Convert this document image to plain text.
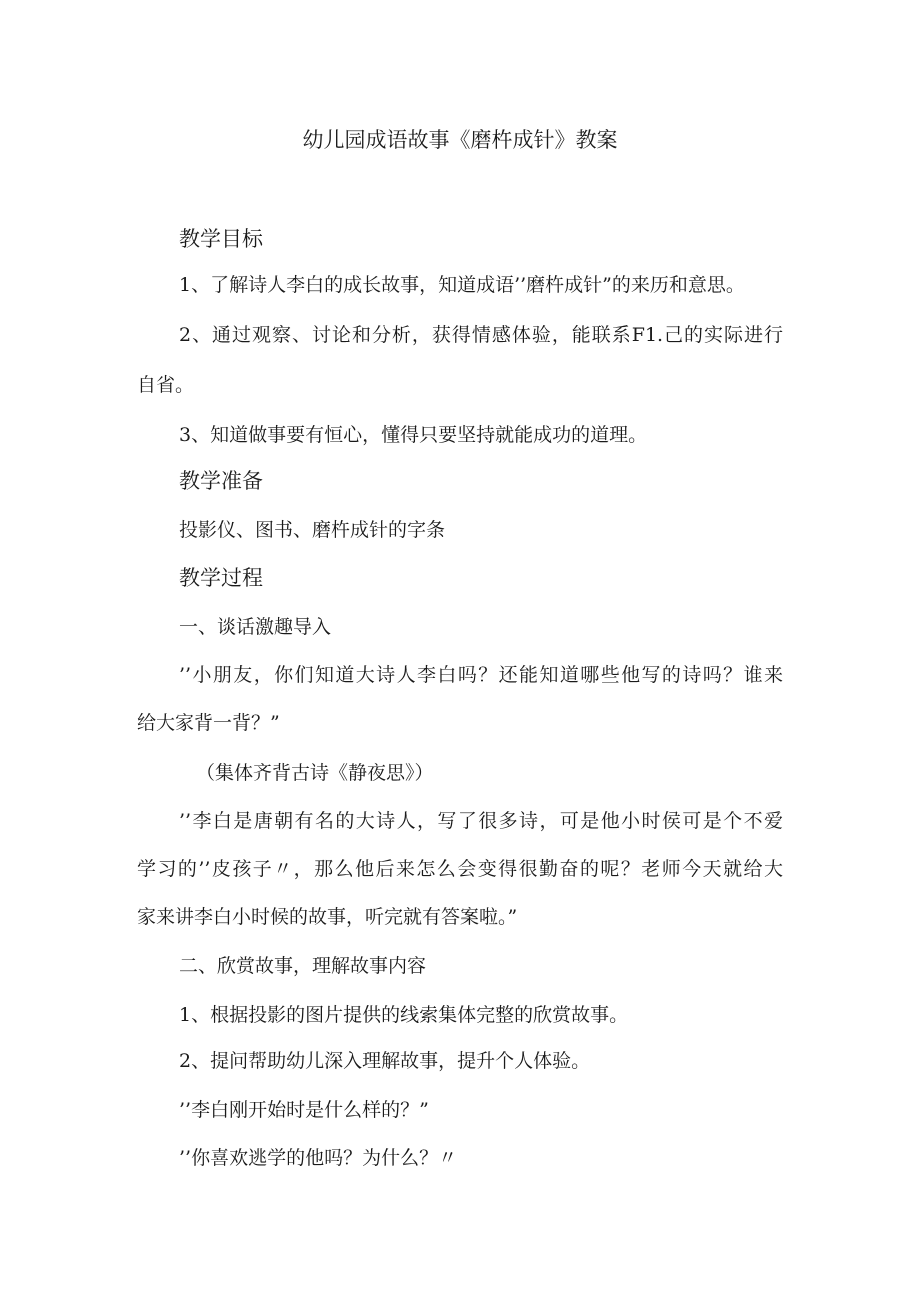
幼儿园成语故事《磨杵成针》教案
教学目标
1、了解诗人李白的成长故事，知道成语’’磨杵成针”的来历和意思。
2、通过观察、讨论和分析，获得情感体验，能联系F1.己的实际进行
自省。
3、知道做事要有恒心，懂得只要坚持就能成功的道理。
教学准备
投影仪、图书、磨杵成针的字条
教学过程
一、谈话激趣导入
’’小朋友，你们知道大诗人李白吗？还能知道哪些他写的诗吗？谁来
给大家背一背？”
（集体齐背古诗《静夜思》）
’’李白是唐朝有名的大诗人，写了很多诗，可是他小时侯可是个不爱
学习的’’皮孩子〃，那么他后来怎么会变得很勤奋的呢？老师今天就给大
家来讲李白小时候的故事，听完就有答案啦。”
二、欣赏故事，理解故事内容
1、根据投影的图片提供的线索集体完整的欣赏故事。
2、提问帮助幼儿深入理解故事，提升个人体验。
’’李白刚开始时是什么样的？”
’’你喜欢逃学的他吗？为什么？〃
